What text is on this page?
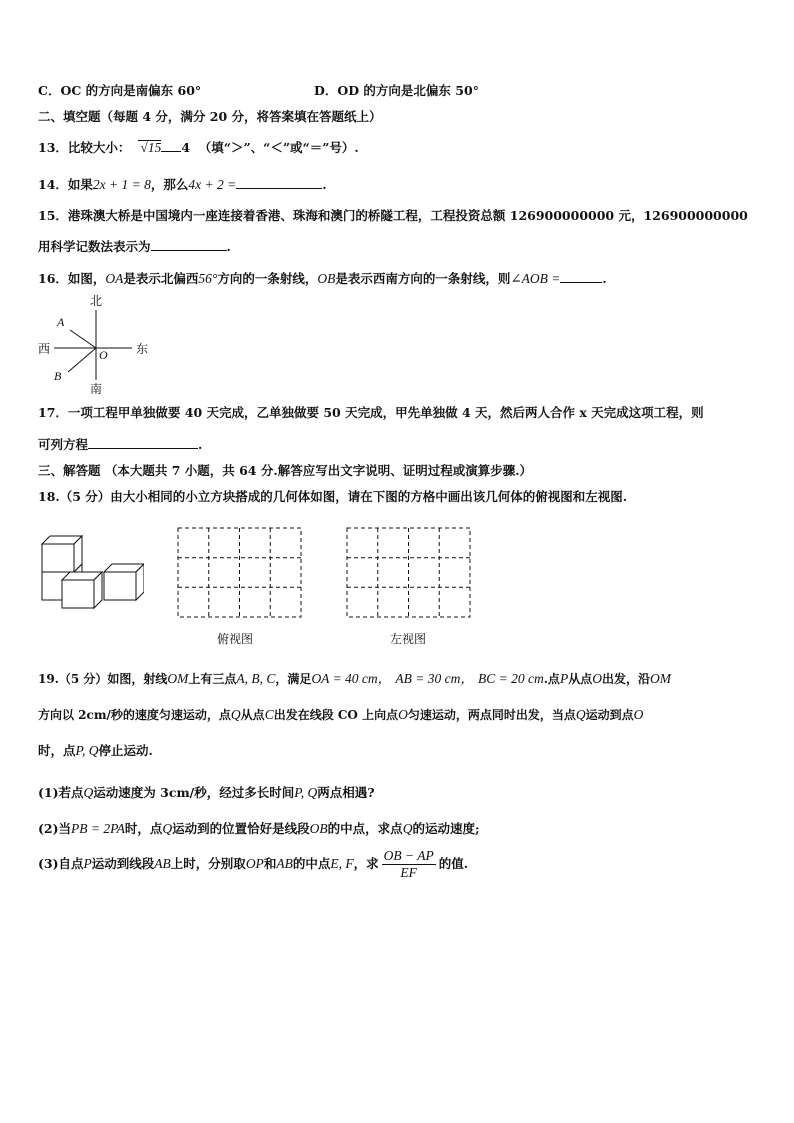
C．OC 的方向是南偏东 60°	D．OD 的方向是北偏东 50°
二、填空题（每题 4 分，满分 20 分，将答案填在答题纸上）
13．比较大小： √
15 4 （填“＞”、“＜”或“＝”号）.
14．如果2x + 1 = 8，那么4x + 2 =	.
15．港珠澳大桥是中国境内一座连接着香港、珠海和澳门的桥隧工程，工程投资总额 126900000000 元，126900000000
用科学记数法表示为	.
16．如图，OA是表示北偏西56°方向的一条射线，OB是表示西南方向的一条射线，则∠AOB =	.
北
南
东
西
A
B
O
17．一项工程甲单独做要 40 天完成，乙单独做要 50 天完成，甲先单独做 4 天，然后两人合作 x 天完成这项工程，则
可列方程	.
三、解答题 （本大题共 7 小题，共 64 分.解答应写出文字说明、证明过程或演算步骤.）
18.（5 分）由大小相同的小立方块搭成的几何体如图，请在下图的方格中画出该几何体的俯视图和左视图.
俯视图	左视图
19.（5 分）如图，射线OM上有三点A, B, C，满足OA = 40 cm， AB = 30 cm， BC = 20 cm.点P从点O出发，沿OM
方向以 2cm/秒的速度匀速运动，点Q从点C出发在线段 CO 上向点O匀速运动，两点同时出发，当点Q运动到点O
时，点P, Q停止运动.
(1)若点Q运动速度为 3cm/秒，经过多长时间P, Q两点相遇?
(2)当PB = 2PA时，点Q运动到的位置恰好是线段OB的中点，求点Q的运动速度;
(3)自点P运动到线段AB上时，分别取OP和AB的中点E, F，求 $\frac{OB - AP}{EF}$ 的值.
